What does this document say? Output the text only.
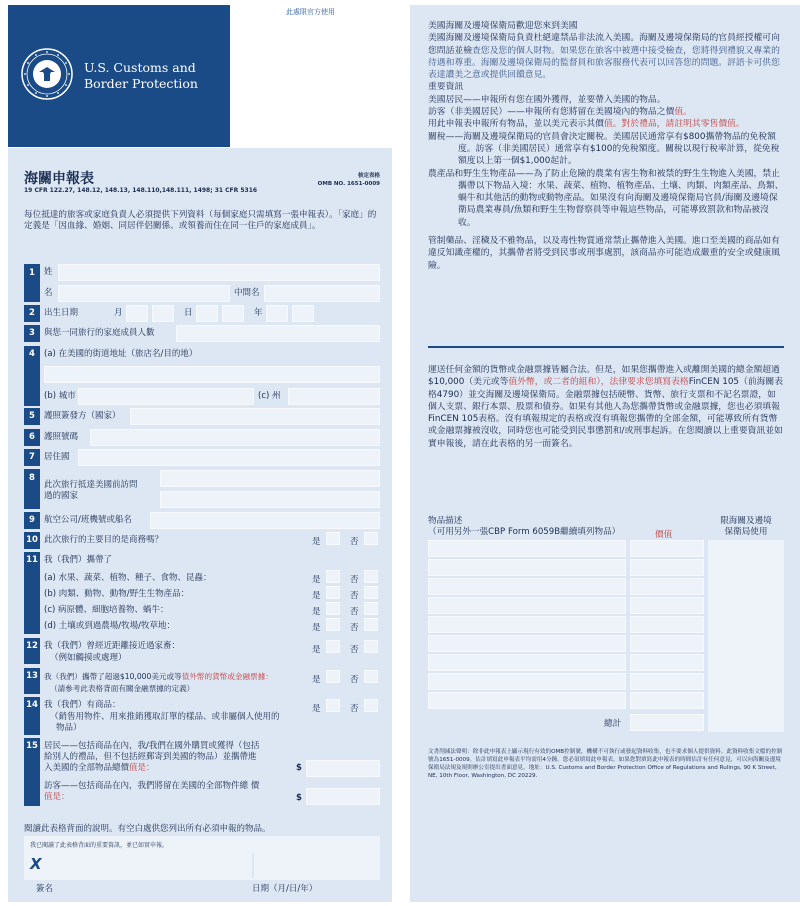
U.S. Customs and
Border Protection
此處限官方使用
海關申報表
19 CFR 122.27, 148.12, 148.13, 148.110,148.111, 1498; 31 CFR 5316
核定表格
OMB NO. 1651-0009
每位抵達的旅客或家庭負責人必須提供下列資料（每個家庭只需填寫一張申報表）。「家庭」的定義是「因血緣、婚姻、同居伴侶關係、或領養而住在同一住戶的家庭成員」。
1	姓
名	中間名
2	出生日期	月	日	年
3	與您一同旅行的家庭成員人數
4	(a) 在美國的街道地址（旅店名/目的地）
(b) 城市	(c) 州
5	護照簽發方（國家）
6	護照號碼
7	居住國
8
此次旅行抵達美國前訪問
過的國家
9	航空公司/班機號或船名
10 此次旅行的主要目的是商務嗎？	是	否
11 我（我們）攜帶了
(a) 水果、蔬菜、植物、種子、食物、昆蟲：	是	否
(b) 肉類、動物、動物/野生生物產品：	是	否
(c) 病原體、細胞培養物、蝸牛：	是	否
(d) 土壤或到過農場/牧場/牧草地：	是	否
12 我（我們）曾經近距離接近過家畜：
（例如觸摸或處理）
是	否
13 我（我們）攜帶了超過$10,000美元或等值外幣的貨幣或金融票據：
（請參考此表格背面有關金融票據的定義）
是	否
14 我（我們）有商品：
（銷售用物件、用來推銷獲取訂單的樣品、或非屬個人使用的
物品）
是	否
15 居民——包括商品在內，我/我們在國外購買或獲得（包括
給別人的禮品，但不包括經郵寄到美國的物品）並攜帶進
入美國的全部物品總價值是：	$
訪客——包括商品在內，我們將留在美國的全部物件總 價
值是：	$
閱讀此表格背面的說明。有空白處供您列出所有必須申報的物品。
我已閱讀了此表格背面的重要資訊，並已如實申報。
X
簽名	日期（月/日/年）
美國海關及邊境保衛局歡迎您來到美國
美國海關及邊境保衛局負責杜絕違禁品非法流入美國。海關及邊境保衛局的官員經授權可向您問話並檢查您及您的個人財物。如果您在旅客中被選中接受檢查，您將得到禮貌又專業的待遇和尊重。海關及邊境保衛局的監督員和旅客服務代表可以回答您的問題。評語卡可供您表達讚美之意或提供回饋意見。
重要資訊
美國居民——申報所有您在國外獲得，並要帶入美國的物品。
訪客（非美國居民）——申報所有您將留在美國境內的物品之價值。
用此申報表申報所有物品，並以美元表示其價值。對於禮品，請註明其零售價值。
關稅——海關及邊境保衛局的官員會決定關稅。美國居民通常享有$800攜帶物品的免稅額度。訪客（非美國居民）通常享有$100的免稅額度。關稅以現行稅率計算，從免稅額度以上第一個$1,000起計。
農產品和野生生物產品——為了防止危險的農業有害生物和被禁的野生生物進入美國，禁止攜帶以下物品入境：水果、蔬菜、植物、植物產品、土壤、肉類、肉類產品、鳥類、蝸牛和其他活的動物或動物產品。如果沒有向海關及邊境保衛局官員/海關及邊境保衛局農業專員/魚類和野生生物督察員等申報這些物品，可能導致罰款和物品被沒收。
管制藥品、淫穢及不雅物品，以及毒性物質通常禁止攜帶進入美國。進口至美國的商品如有違反知識產權的，其攜帶者將受到民事或刑事處罰，該商品亦可能造成嚴重的安全或健康風險。
運送任何金額的貨幣或金融票據皆屬合法。但是，如果您攜帶進入或離開美國的總金額超過$10,000（美元或等值外幣，或二者的組和），法律要求您填寫表格FinCEN 105（前海關表格4790）並交海關及邊境保衛局。金融票據包括硬幣、貨幣、旅行支票和不記名票證，如個人支票、銀行本票、股票和債券。如果有其他人為您攜帶貨幣或金融票據，您也必須填報FinCEN 105表格。沒有填報規定的表格或沒有填報您攜帶的全部金額，可能導致所有貨幣或金融票據被沒收，同時您也可能受到民事懲罰和/或刑事起訴。在您閱讀以上重要資訊並如實申報後，請在此表格的另一面簽名。
物品描述
（可用另外一張CBP Form 6059B繼續填列物品）	價值
限海關及邊境
保衛局使用
總計
文書削減法聲明：除非此申報表上顯示現行有效的OMB控制號，機構不可執行或發起資料收集，也不要求個人提供資料。此資料收集文檔的控制號為1651-0009。估計填寫此申報表平均需用4分鐘。您必須填寫此申報表。如果您對填寫此申報表的時間估計有任何意見，可以向海關及邊境保衛局法規及規則辦公室提出書面意見，地址：U.S. Customs and Border Protection Office of Regulations and Rulings, 90 K Street, NE, 10th Floor, Washington, DC 20229.
